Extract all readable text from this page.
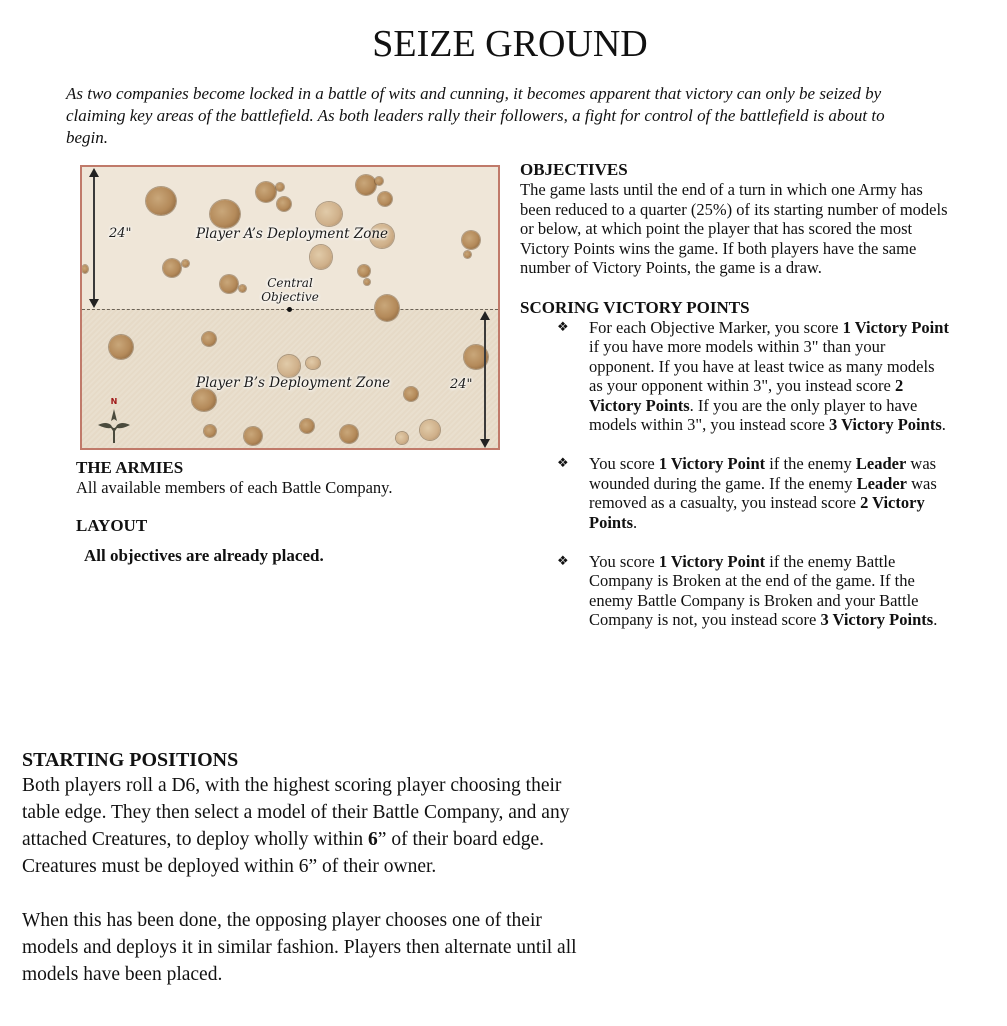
SEIZE GROUND
As two companies become locked in a battle of wits and cunning, it becomes apparent that victory can only be seized by claiming key areas of the battlefield. As both leaders rally their followers, a fight for control of the battlefield is about to begin.
24"	Player A’s Deployment Zone
Central
Objective
Player B’s Deployment Zone	24"
N
THE ARMIES
All available members of each Battle Company.
LAYOUT
All objectives are already placed.
OBJECTIVES
The game lasts until the end of a turn in which one Army has been reduced to a quarter (25%) of its starting number of models or below, at which point the player that has scored the most Victory Points wins the game. If both players have the same number of Victory Points, the game is a draw.
SCORING VICTORY POINTS
❖ For each Objective Marker, you score 1 Victory Point if you have more models within 3" than your opponent. If you have at least twice as many models as your opponent within 3", you instead score 2 Victory Points. If you are the only player to have models within 3", you instead score 3 Victory Points.
❖ You score 1 Victory Point if the enemy Leader was wounded during the game. If the enemy Leader was removed as a casualty, you instead score 2 Victory Points.
❖ You score 1 Victory Point if the enemy Battle Company is Broken at the end of the game. If the enemy Battle Company is Broken and your Battle Company is not, you instead score 3 Victory Points.
STARTING POSITIONS
Both players roll a D6, with the highest scoring player choosing their table edge. They then select a model of their Battle Company, and any attached Creatures, to deploy wholly within 6” of their board edge. Creatures must be deployed within 6” of their owner.
When this has been done, the opposing player chooses one of their models and deploys it in similar fashion. Players then alternate until all models have been placed.
